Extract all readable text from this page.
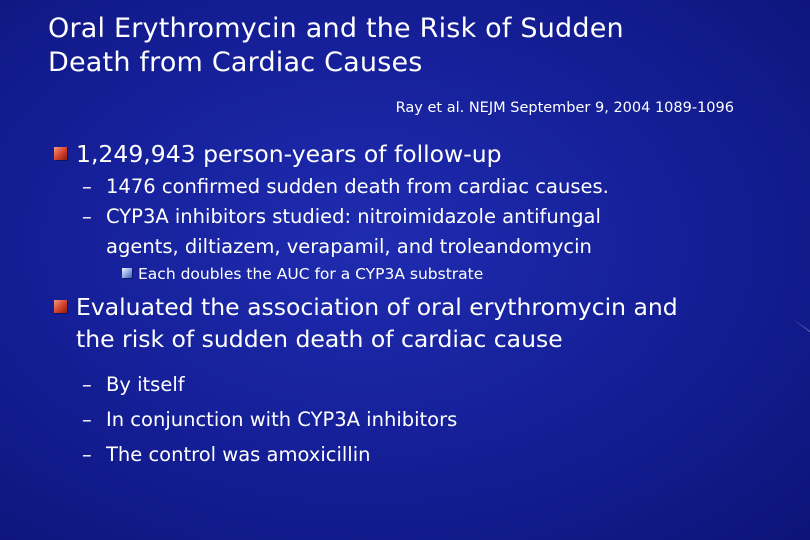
Oral Erythromycin and the Risk of Sudden
Death from Cardiac Causes
Ray et al. NEJM September 9, 2004 1089-1096
1,249,943 person-years of follow-up
– 1476 confirmed sudden death from cardiac causes.
– CYP3A inhibitors studied: nitroimidazole antifungal
agents, diltiazem, verapamil, and troleandomycin
Each doubles the AUC for a CYP3A substrate
Evaluated the association of oral erythromycin and
the risk of sudden death of cardiac cause
– By itself
– In conjunction with CYP3A inhibitors
– The control was amoxicillin
